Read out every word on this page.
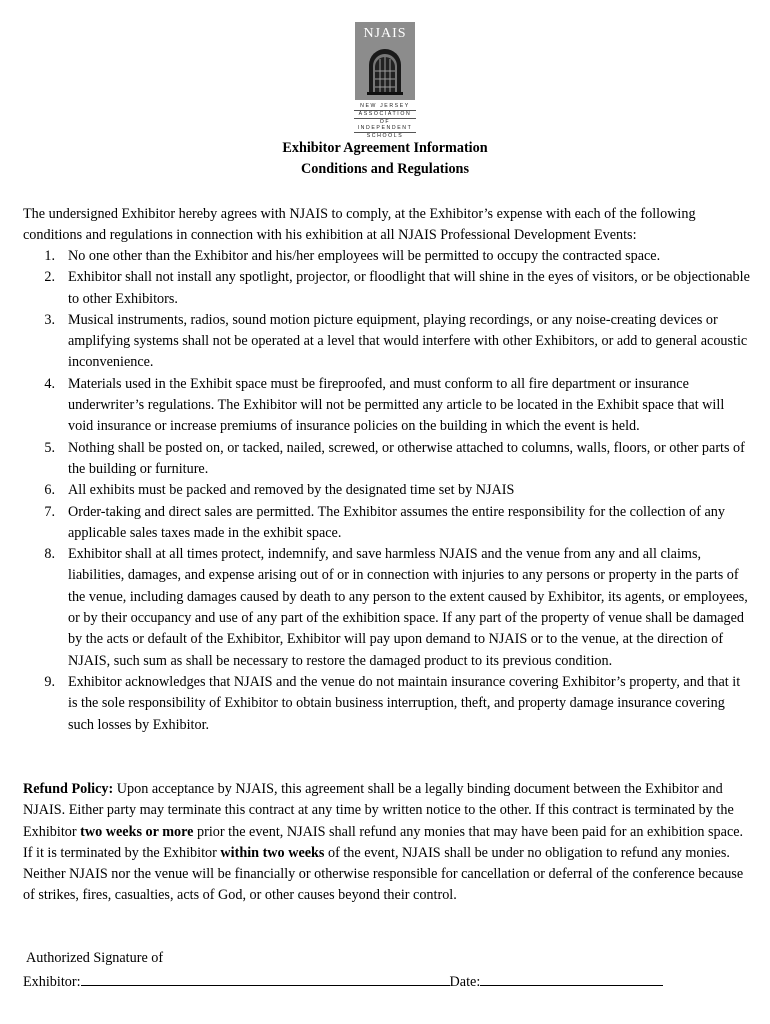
NJAIS
NEW JERSEY
ASSOCIATION
OF INDEPENDENT
SCHOOLS
Exhibitor Agreement Information
Conditions and Regulations
The undersigned Exhibitor hereby agrees with NJAIS to comply, at the Exhibitor’s expense with each of the following conditions and regulations in connection with his exhibition at all NJAIS Professional Development Events:
1. No one other than the Exhibitor and his/her employees will be permitted to occupy the contracted space.
2. Exhibitor shall not install any spotlight, projector, or floodlight that will shine in the eyes of visitors, or be objectionable to other Exhibitors.
3. Musical instruments, radios, sound motion picture equipment, playing recordings, or any noise-creating devices or amplifying systems shall not be operated at a level that would interfere with other Exhibitors, or add to general acoustic inconvenience.
4. Materials used in the Exhibit space must be fireproofed, and must conform to all fire department or insurance underwriter’s regulations. The Exhibitor will not be permitted any article to be located in the Exhibit space that will void insurance or increase premiums of insurance policies on the building in which the event is held.
5. Nothing shall be posted on, or tacked, nailed, screwed, or otherwise attached to columns, walls, floors, or other parts of the building or furniture.
6. All exhibits must be packed and removed by the designated time set by NJAIS
7. Order-taking and direct sales are permitted. The Exhibitor assumes the entire responsibility for the collection of any applicable sales taxes made in the exhibit space.
8. Exhibitor shall at all times protect, indemnify, and save harmless NJAIS and the venue from any and all claims, liabilities, damages, and expense arising out of or in connection with injuries to any persons or property in the parts of the venue, including damages caused by death to any person to the extent caused by Exhibitor, its agents, or employees, or by their occupancy and use of any part of the exhibition space. If any part of the property of venue shall be damaged by the acts or default of the Exhibitor, Exhibitor will pay upon demand to NJAIS or to the venue, at the direction of NJAIS, such sum as shall be necessary to restore the damaged product to its previous condition.
9. Exhibitor acknowledges that NJAIS and the venue do not maintain insurance covering Exhibitor’s property, and that it is the sole responsibility of Exhibitor to obtain business interruption, theft, and property damage insurance covering such losses by Exhibitor.
Refund Policy: Upon acceptance by NJAIS, this agreement shall be a legally binding document between the Exhibitor and NJAIS. Either party may terminate this contract at any time by written notice to the other. If this contract is terminated by the Exhibitor two weeks or more prior the event, NJAIS shall refund any monies that may have been paid for an exhibition space. If it is terminated by the Exhibitor within two weeks of the event, NJAIS shall be under no obligation to refund any monies. Neither NJAIS nor the venue will be financially or otherwise responsible for cancellation or deferral of the conference because of strikes, fires, casualties, acts of God, or other causes beyond their control.
Authorized Signature of
Exhibitor:	Date:
